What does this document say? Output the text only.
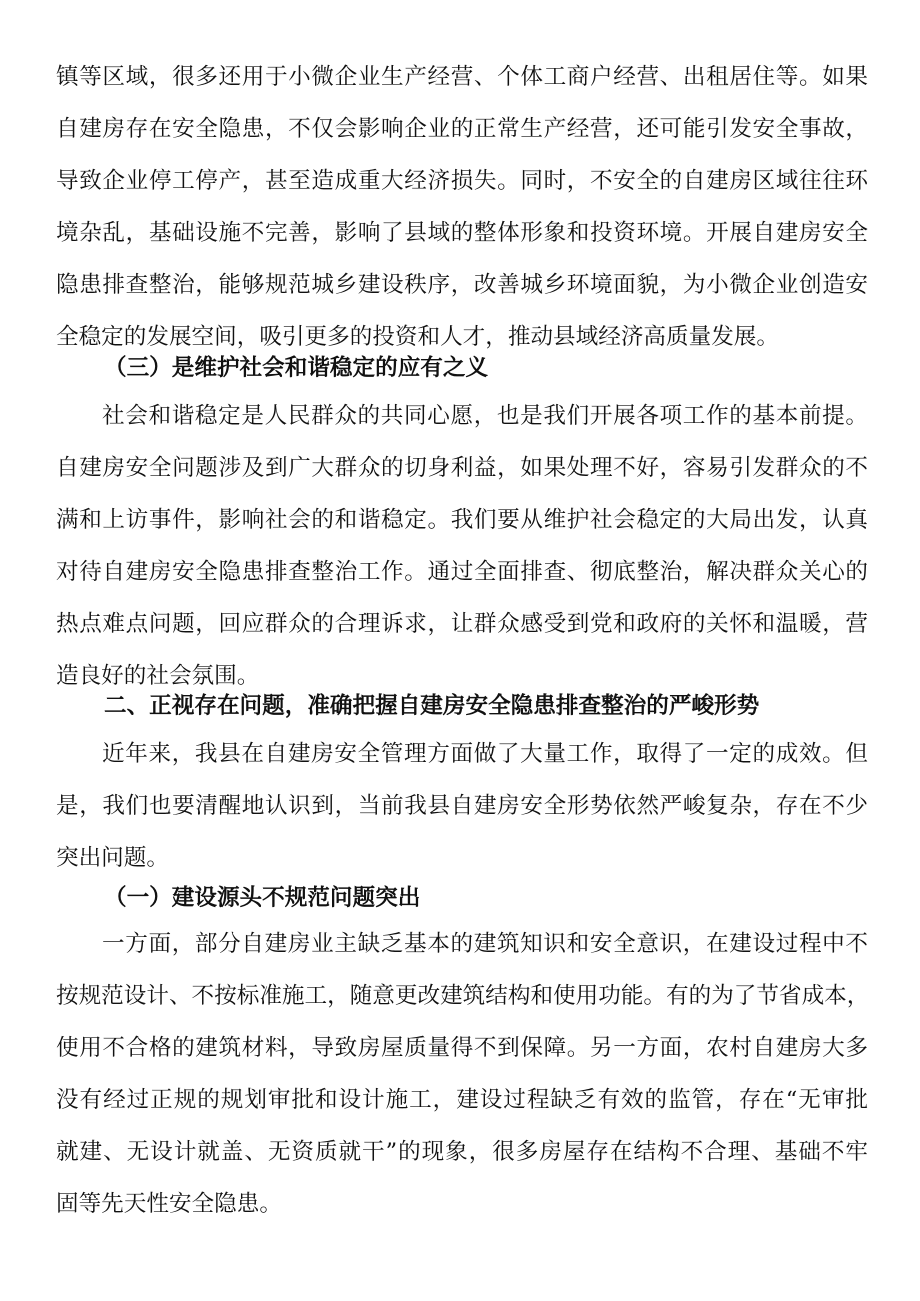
镇等区域，很多还用于小微企业生产经营、个体工商户经营、出租居住等。如果
自建房存在安全隐患，不仅会影响企业的正常生产经营，还可能引发安全事故，
导致企业停工停产，甚至造成重大经济损失。同时，不安全的自建房区域往往环
境杂乱，基础设施不完善，影响了县域的整体形象和投资环境。开展自建房安全
隐患排查整治，能够规范城乡建设秩序，改善城乡环境面貌，为小微企业创造安
全稳定的发展空间，吸引更多的投资和人才，推动县域经济高质量发展。
（三）是维护社会和谐稳定的应有之义
社会和谐稳定是人民群众的共同心愿，也是我们开展各项工作的基本前提。
自建房安全问题涉及到广大群众的切身利益，如果处理不好，容易引发群众的不
满和上访事件，影响社会的和谐稳定。我们要从维护社会稳定的大局出发，认真
对待自建房安全隐患排查整治工作。通过全面排查、彻底整治，解决群众关心的
热点难点问题，回应群众的合理诉求，让群众感受到党和政府的关怀和温暖，营
造良好的社会氛围。
二、正视存在问题，准确把握自建房安全隐患排查整治的严峻形势
近年来，我县在自建房安全管理方面做了大量工作，取得了一定的成效。但
是，我们也要清醒地认识到，当前我县自建房安全形势依然严峻复杂，存在不少
突出问题。
（一）建设源头不规范问题突出
一方面，部分自建房业主缺乏基本的建筑知识和安全意识，在建设过程中不
按规范设计、不按标准施工，随意更改建筑结构和使用功能。有的为了节省成本，
使用不合格的建筑材料，导致房屋质量得不到保障。另一方面，农村自建房大多
没有经过正规的规划审批和设计施工，建设过程缺乏有效的监管，存在“无审批
就建、无设计就盖、无资质就干”的现象，很多房屋存在结构不合理、基础不牢
固等先天性安全隐患。
